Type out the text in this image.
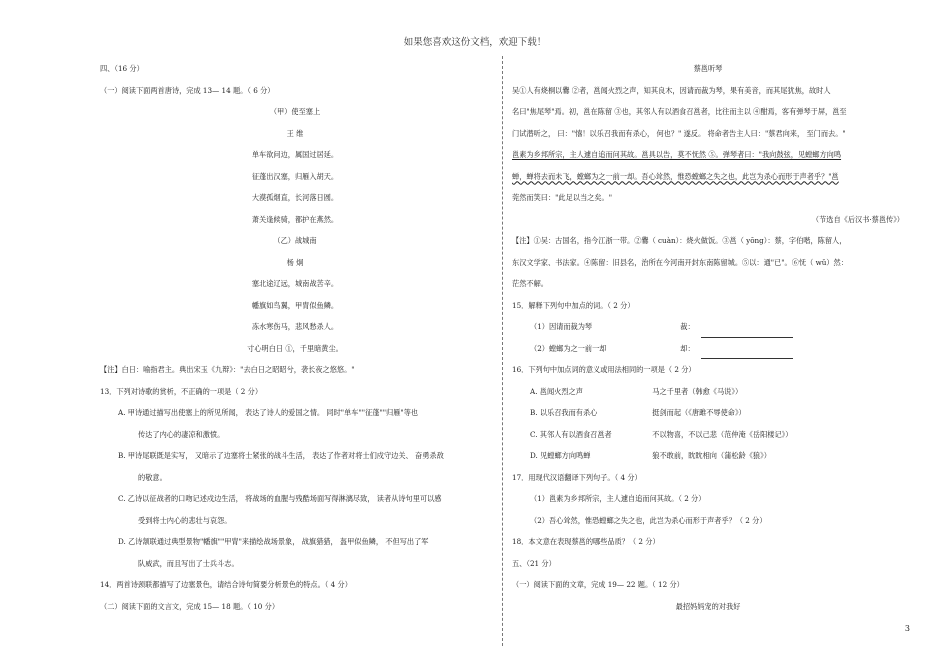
如果您喜欢这份文档，欢迎下载！
四、（16 分）
（一）阅读下面两首唐诗，完成 13— 14 题。（ 6 分）
（甲）使至塞上
王 维
单车欲问边，属国过居延。
征蓬出汉塞，归雁入胡天。
大漠孤烟直，长河落日圆。
萧关逢候骑，都护在燕然。
（乙）战城南
杨 炯
塞北途辽远，城南战苦辛。
幡旗如鸟翼，甲胄似鱼鳞。
冻水寒伤马，悲风愁杀人。
寸心明白日 ①，千里暗黄尘。
【注】白日：喻指君主。典出宋玉《九辩》："去白日之昭昭兮，袭长夜之悠悠。"
13．下列对诗歌的赏析，不正确的一项是（ 2 分）
A. 甲诗通过描写出使塞上的所见所闻， 表达了诗人的爱国之情。 同时"单车""征蓬""归雁"等也
传达了内心的凄凉和激愤。
B. 甲诗尾联既是实写， 又暗示了边塞将士紧张的战斗生活， 表达了作者对将士们戍守边关、 奋勇杀敌
的敬意。
C. 乙诗以征战者的口吻记述戍边生活， 将战场的血腥与残酷场面写得淋漓尽致， 读者从诗句里可以感
受到将士内心的悲壮与哀怨。
D. 乙诗颔联通过典型景物"幡旗""甲胄"来描绘战场景象， 战旗猎猎， 盔甲似鱼鳞， 不但写出了军
队威武，而且写出了士兵斗志。
14．两首诗颈联都描写了边塞景色，请结合诗句简要分析景色的特点。（ 4 分）
（二）阅读下面的文言文，完成 15— 18 题。（ 10 分）
蔡邕听琴
吴①人有烧桐以爨 ②者，邕闻火烈之声，知其良木，因请而裁为琴，果有美音，而其尾犹焦，故时人
名曰"焦尾琴"焉。初，邕在陈留 ③也，其邻人有以酒食召邕者，比往而主以 ④酣焉，客有弹琴于屏，邕至
门试潜听之， 曰："憘！以乐召我而有杀心， 何也？" 遂反。 将命者告主人曰："蔡君向来， 至门而去。"
邕素为乡邦所宗，主人遽自追而问其故。邕具以告，莫不怃然 ⑤。弹琴者曰："我向鼓弦，见螳螂方向鸣
蝉，蝉将去而未飞，螳螂为之一前一却。吾心耸然，惟恐螳螂之失之也，此岂为杀心而形于声者乎？"邕
莞然而笑曰："此足以当之矣。"
（节选自《后汉书·蔡邕传》）
【注】①吴：古国名，指今江浙一带。②爨（ cuàn）：烧火做饭。③邕（ yōng）：蔡，字伯喈，陈留人，
东汉文学家、书法家。④陈留：旧县名，治所在今河南开封东南陈留城。⑤以：通"已"。⑥怃（ wǔ）然：
茫然不解。
15．解释下列句中加点的词。（ 2 分）
（1）因请而裁为琴	裁：
（2）螳螂为之一前一却	却：
16．下列句中加点词的意义或用法相同的一项是（ 2 分）
A. 邕闻火烈之声	马之千里者（韩愈《马说》）
B. 以乐召我而有杀心	挺剑而起（《唐雎不辱使命》）
C. 其邻人有以酒食召邕者	不以物喜，不以己悲（范仲淹《岳阳楼记》）
D. 见螳螂方向鸣蝉	狼不敢前，眈眈相向（蒲松龄《狼》）
17．用现代汉语翻译下列句子。（ 4 分）
（1）邕素为乡邦所宗，主人遽自追而问其故。（ 2 分）
（2）吾心耸然，惟恐螳螂之失之也，此岂为杀心而形于声者乎？（ 2 分）
18．本文意在表现蔡邕的哪些品质？（ 2 分）
五、（21 分）
（一）阅读下面的文章，完成 19— 22 题。（ 12 分）
最招妈妈宠的对我好
3
